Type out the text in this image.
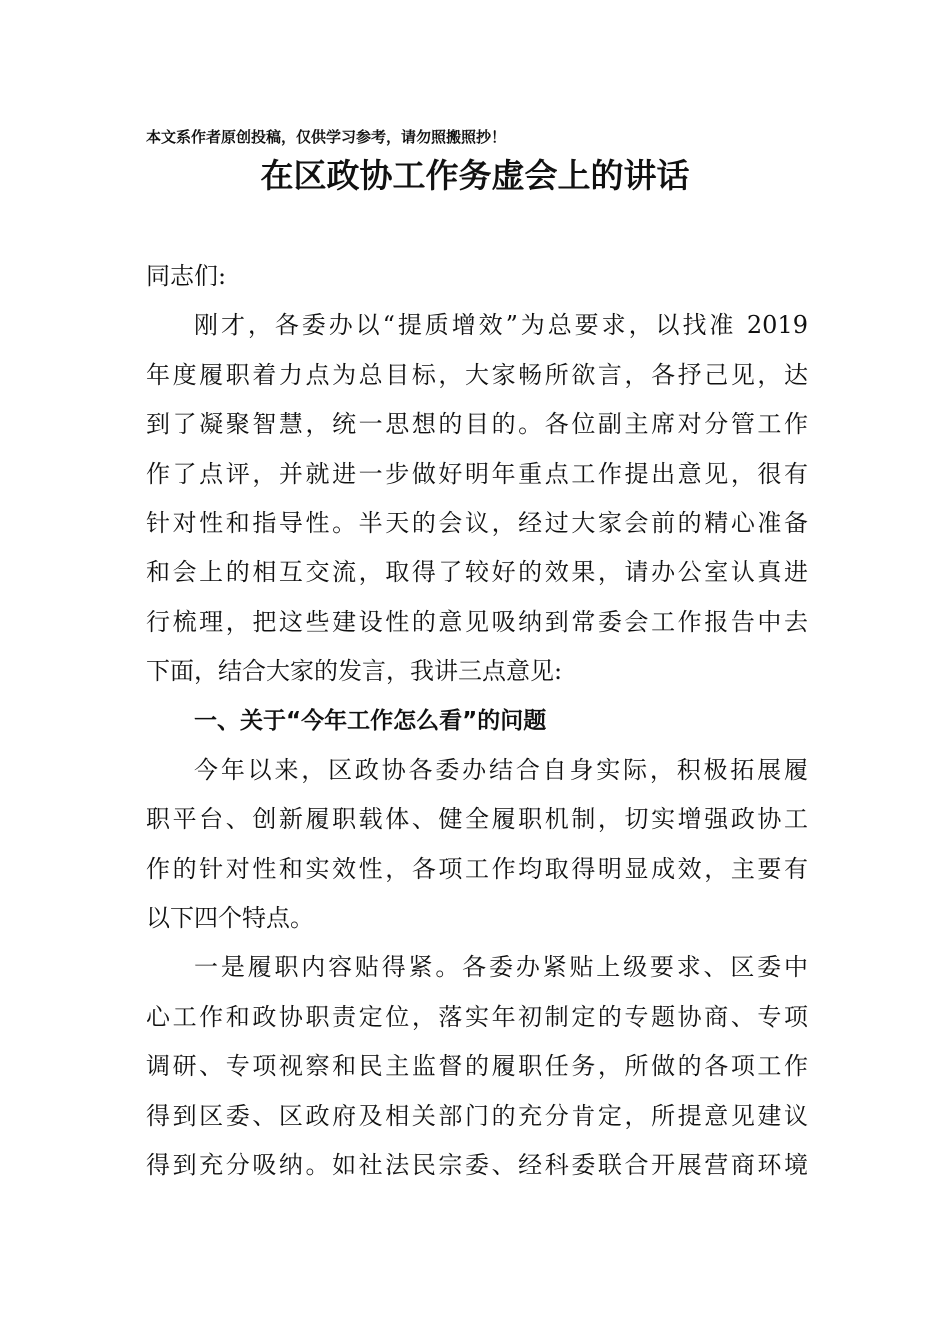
本文系作者原创投稿，仅供学习参考，请勿照搬照抄！
在区政协工作务虚会上的讲话
同志们:
刚才，各委办以“提质增效”为总要求，以找准 2019
年度履职着力点为总目标，大家畅所欲言，各抒己见，达
到了凝聚智慧，统一思想的目的。各位副主席对分管工作
作了点评，并就进一步做好明年重点工作提出意见，很有
针对性和指导性。半天的会议，经过大家会前的精心准备
和会上的相互交流，取得了较好的效果，请办公室认真进
行梳理，把这些建设性的意见吸纳到常委会工作报告中去
下面，结合大家的发言，我讲三点意见:
一、关于“今年工作怎么看”的问题
今年以来，区政协各委办结合自身实际，积极拓展履
职平台、创新履职载体、健全履职机制，切实增强政协工
作的针对性和实效性，各项工作均取得明显成效，主要有
以下四个特点。
一是履职内容贴得紧。各委办紧贴上级要求、区委中
心工作和政协职责定位，落实年初制定的专题协商、专项
调研、专项视察和民主监督的履职任务，所做的各项工作
得到区委、区政府及相关部门的充分肯定，所提意见建议
得到充分吸纳。如社法民宗委、经科委联合开展营商环境
